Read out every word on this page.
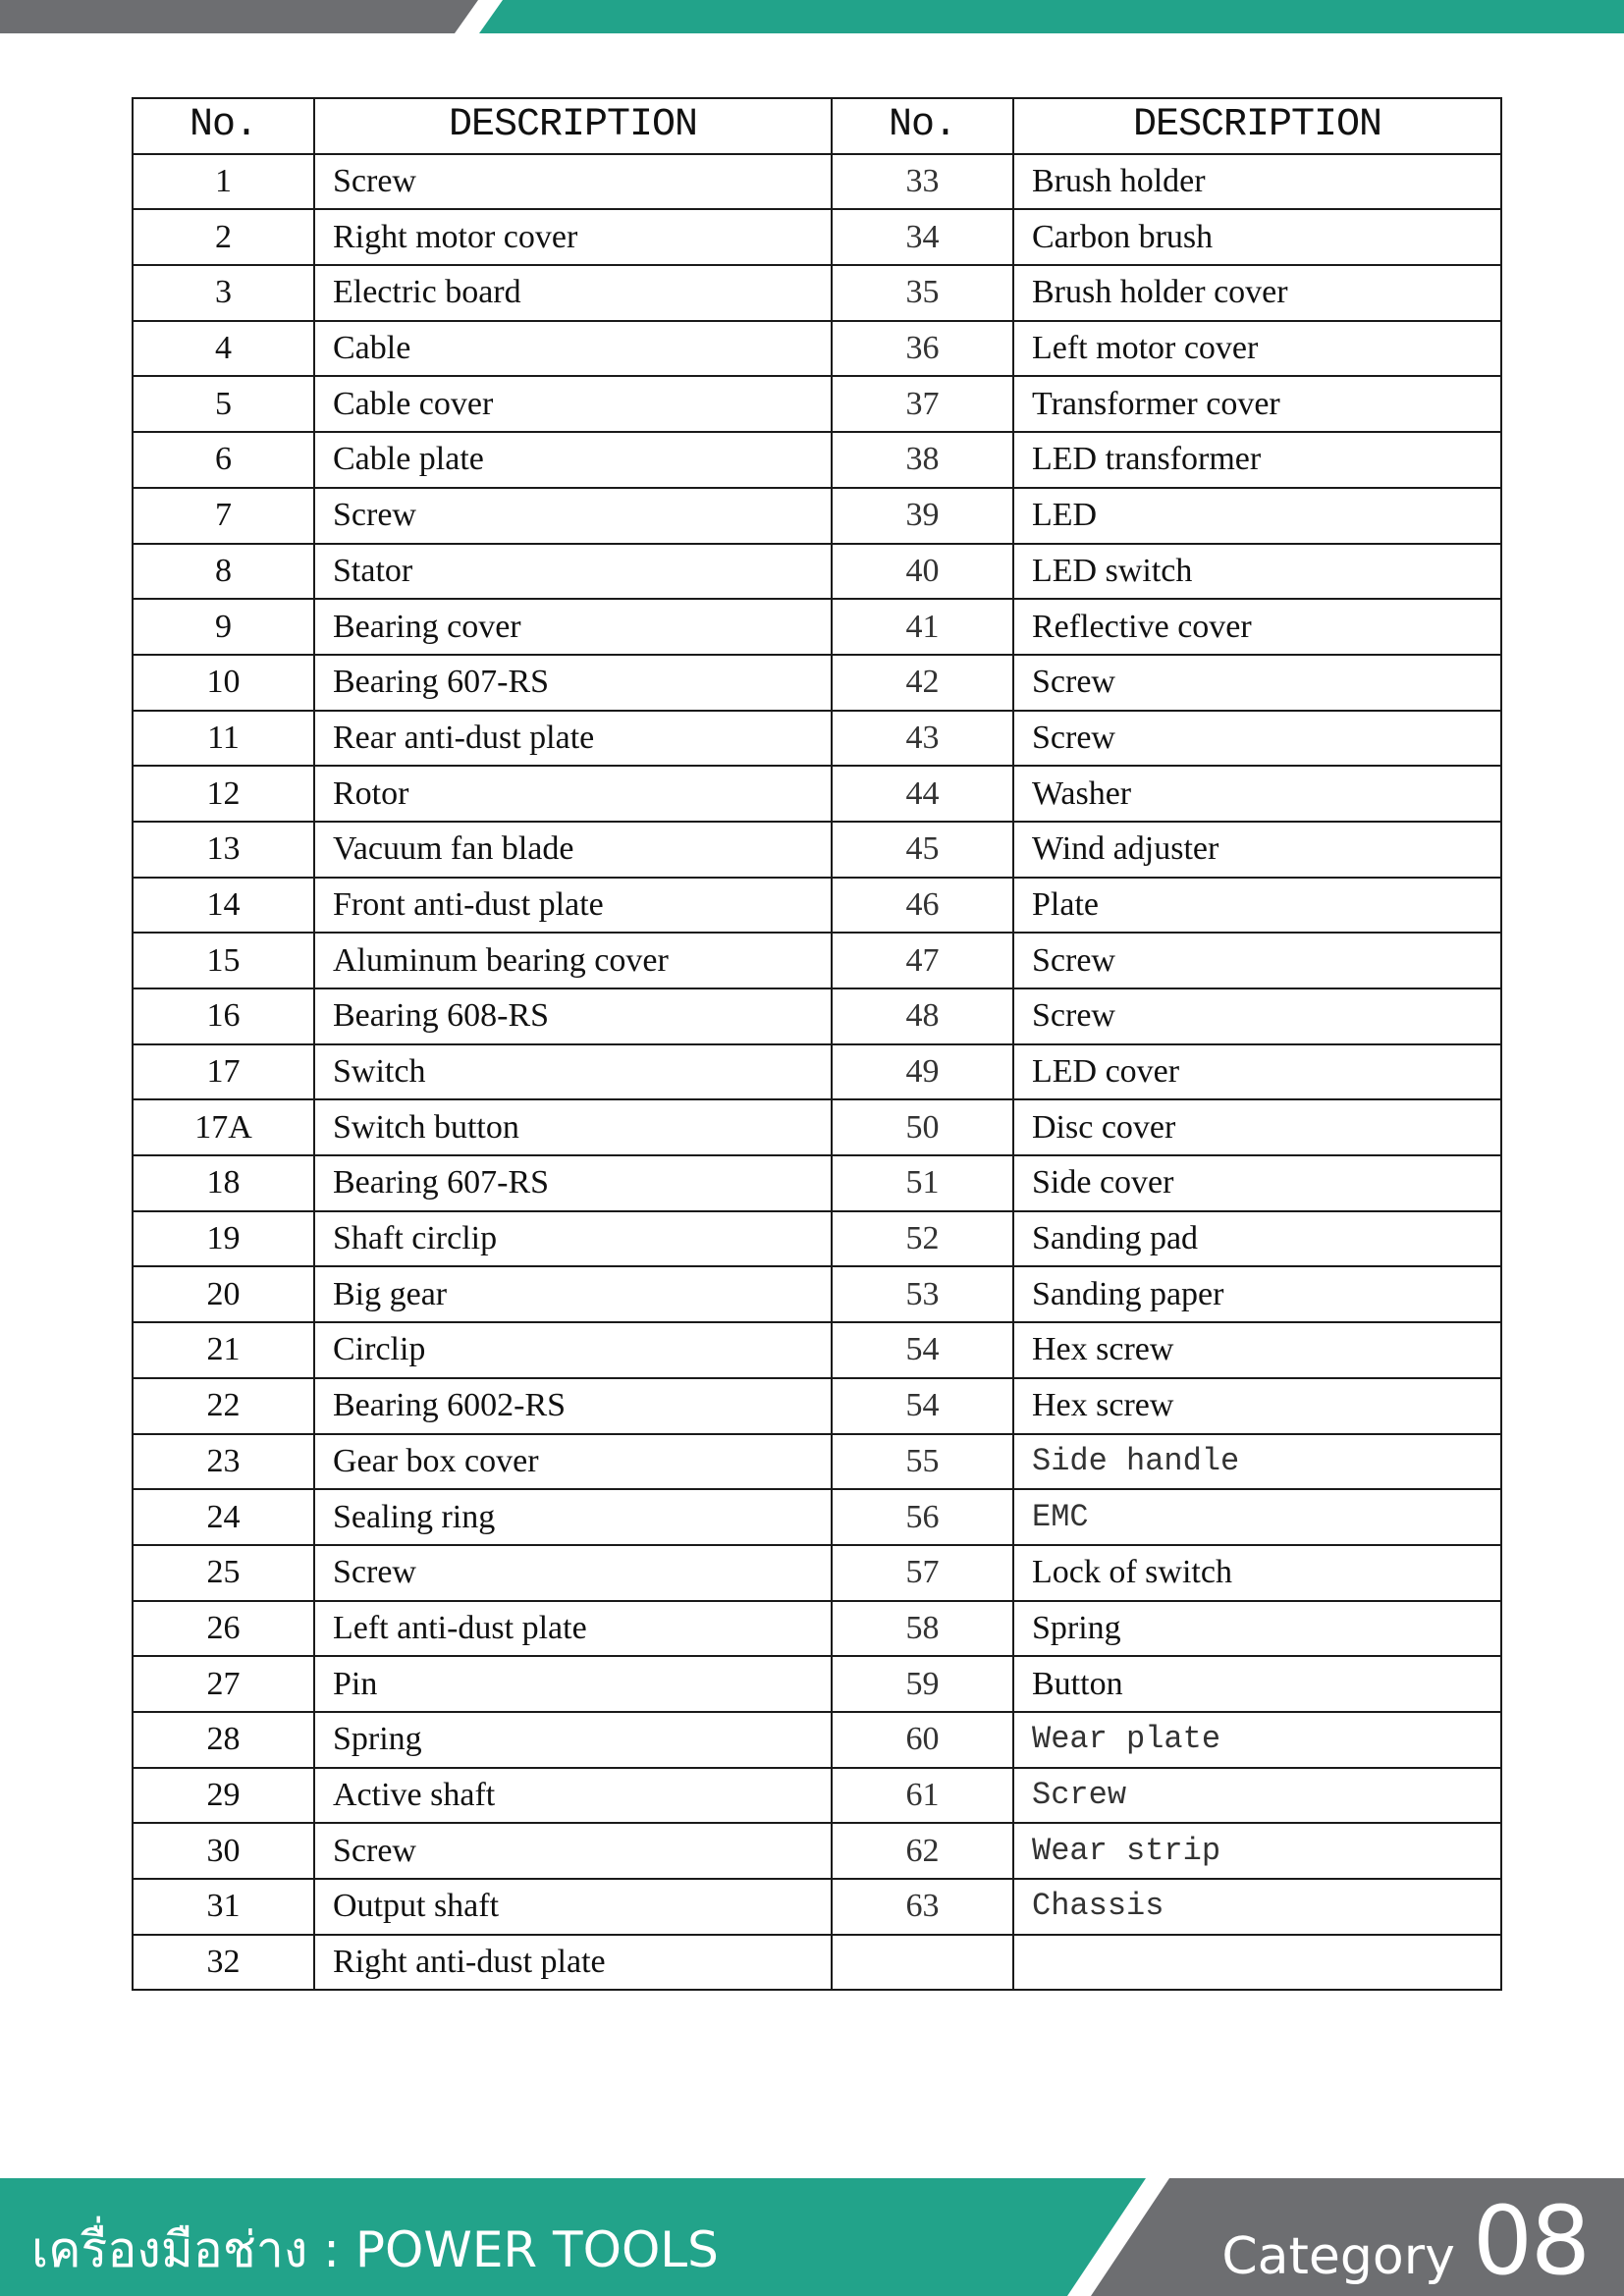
No.	DESCRIPTION	No.	DESCRIPTION
1	Screw	33	Brush holder
2	Right motor cover	34	Carbon brush
3	Electric board	35	Brush holder cover
4	Cable	36	Left motor cover
5	Cable cover	37	Transformer cover
6	Cable plate	38	LED transformer
7	Screw	39	LED
8	Stator	40	LED switch
9	Bearing cover	41	Reflective cover
10	Bearing 607-RS	42	Screw
11	Rear anti-dust plate	43	Screw
12	Rotor	44	Washer
13	Vacuum fan blade	45	Wind adjuster
14	Front anti-dust plate	46	Plate
15	Aluminum bearing cover	47	Screw
16	Bearing 608-RS	48	Screw
17	Switch	49	LED cover
17A	Switch button	50	Disc cover
18	Bearing 607-RS	51	Side cover
19	Shaft circlip	52	Sanding pad
20	Big gear	53	Sanding paper
21	Circlip	54	Hex screw
22	Bearing 6002-RS	54	Hex screw
23	Gear box cover	55	Side handle
24	Sealing ring	56	EMC
25	Screw	57	Lock of switch
26	Left anti-dust plate	58	Spring
27	Pin	59	Button
28	Spring	60	Wear plate
29	Active shaft	61	Screw
30	Screw	62	Wear strip
31	Output shaft	63	Chassis
32	Right anti-dust plate		
เครื่องมือช่าง : POWER TOOLS	Category 08
